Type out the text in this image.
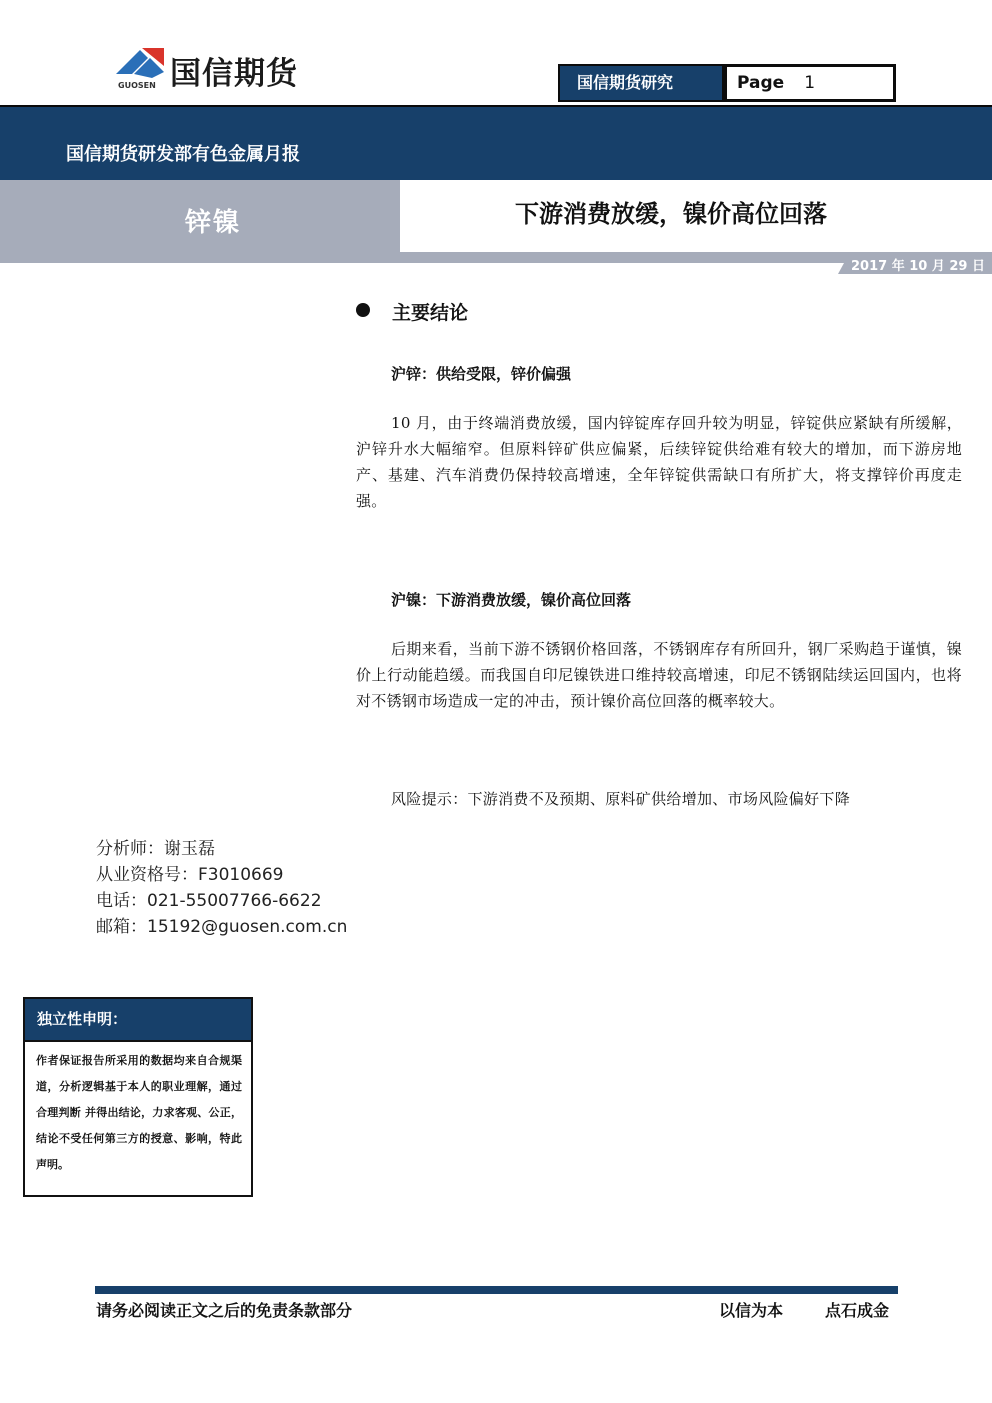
国信期货
GUOSEN	国信期货研究	Page 1
国信期货研发部有色金属月报
锌镍	下游消费放缓，镍价高位回落
2017 年 10 月 29 日
主要结论
沪锌：供给受限，锌价偏强
10 月，由于终端消费放缓，国内锌锭库存回升较为明显，锌锭供应紧缺有所缓解，沪锌升水大幅缩窄。但原料锌矿供应偏紧，后续锌锭供给难有较大的增加，而下游房地产、基建、汽车消费仍保持较高增速，全年锌锭供需缺口有所扩大，将支撑锌价再度走强。
沪镍：下游消费放缓，镍价高位回落
后期来看，当前下游不锈钢价格回落，不锈钢库存有所回升，钢厂采购趋于谨慎，镍价上行动能趋缓。而我国自印尼镍铁进口维持较高增速，印尼不锈钢陆续运回国内，也将对不锈钢市场造成一定的冲击，预计镍价高位回落的概率较大。
风险提示：下游消费不及预期、原料矿供给增加、市场风险偏好下降
分析师：谢玉磊
从业资格号：F3010669
电话：021-55007766-6622
邮箱：15192@guosen.com.cn
独立性申明：
作者保证报告所采用的数据均来自合规渠道，分析逻辑基于本人的职业理解，通过合理判断 并得出结论，力求客观、公正，结论不受任何第三方的授意、影响，特此声明。
请务必阅读正文之后的免责条款部分	以信为本	点石成金
